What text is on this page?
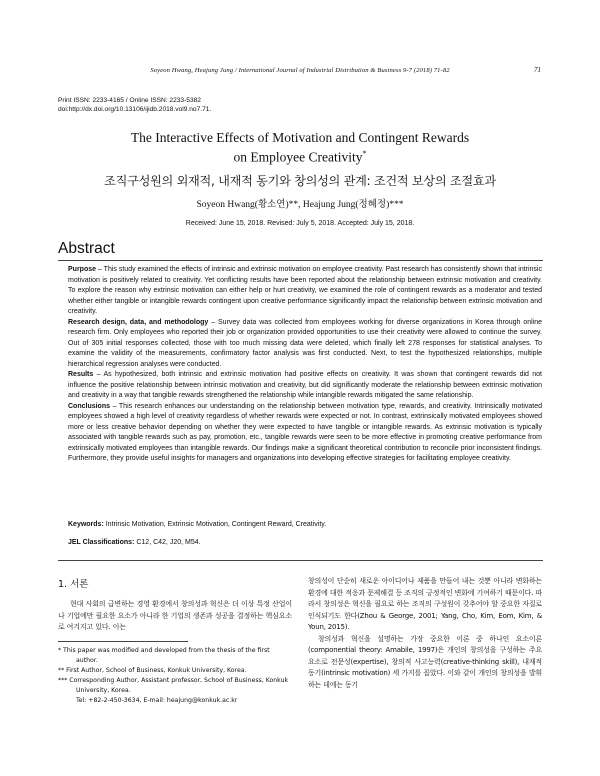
Soyeon Hwang, Heajung Jung / International Journal of Industrial Distribution & Business 9-7 (2018) 71-82	71
Print ISSN: 2233-4165 / Online ISSN: 2233-5382
doi:http://dx.doi.org/10.13106/ijidb.2018.vol9.no7.71.
The Interactive Effects of Motivation and Contingent Rewards
on Employee Creativity*
조직구성원의 외재적, 내재적 동기와 창의성의 관계: 조건적 보상의 조절효과
Soyeon Hwang(황소연)**, Heajung Jung(정혜정)***
Received: June 15, 2018. Revised: July 5, 2018. Accepted: July 15, 2018.
Abstract

Purpose – This study examined the effects of intrinsic and extrinsic motivation on employee creativity. Past research has consistently shown that intrinsic motivation is positively related to creativity. Yet conflicting results have been reported about the relationship between extrinsic motivation and creativity. To explore the reason why extrinsic motivation can either help or hurt creativity, we examined the role of contingent rewards as a moderator and tested whether either tangible or intangible rewards contingent upon creative performance significantly impact the relationship between extrinsic motivation and creativity.

Research design, data, and methodology – Survey data was collected from employees working for diverse organizations in Korea through online research firm. Only employees who reported their job or organization provided opportunities to use their creativity were allowed to continue the survey. Out of 305 initial responses collected, those with too much missing data were deleted, which finally left 278 responses for statistical analyses. To examine the validity of the measurements, confirmatory factor analysis was first conducted. Next, to test the hypothesized relationships, multiple hierarchical regression analyses were conducted.

Results – As hypothesized, both intrinsic and extrinsic motivation had positive effects on creativity. It was shown that contingent rewards did not influence the positive relationship between intrinsic motivation and creativity, but did significantly moderate the relationship between extrinsic motivation and creativity in a way that tangible rewards strengthened the relationship while intangible rewards mitigated the same relationship.

Conclusions – This research enhances our understanding on the relationship between motivation type, rewards, and creativity. Intrinsically motivated employees showed a high level of creativity regardless of whether rewards were expected or not. In contrast, extrinsically motivated employees showed more or less creative behavior depending on whether they were expected to have tangible or intangible rewards. As extrinsic motivation is typically associated with tangible rewards such as pay, promotion, etc., tangible rewards were seen to be more effective in promoting creative performance from extrinsically motivated employees than intangible rewards. Our findings make a significant theoretical contribution to reconcile prior inconsistent findings. Furthermore, they provide useful insights for managers and organizations into developing effective strategies for facilitating employee creativity.

Keywords: Intrinsic Motivation, Extrinsic Motivation, Contingent Reward, Creativity.
JEL Classifications: C12, C42, J20, M54.
1. 서론
현대 사회의 급변하는 경영 환경에서 창의성과 혁신은 더 이상 특정 산업이나 기업에만 필요한 요소가 아니라 한 기업의 생존과 성공을 결정하는 핵심요소로 여겨지고 있다. 이는

* This paper was modified and developed from the thesis of the first author.

** First Author, School of Business, Konkuk University, Korea.

*** Corresponding Author, Assistant professor, School of Business, Konkuk University, Korea.

Tel: +82-2-450-3634, E-mail: heajung@konkuk.ac.kr

창의성이 단순히 새로운 아이디어나 제품을 만들어 내는 것뿐 아니라 변화하는 환경에 대한 적응과 문제해결 등 조직의 긍정적인 변화에 기여하기 때문이다. 따라서 창의성은 혁신을 필요로 하는 조직의 구성원이 갖추어야 할 중요한 자질로 인식되기도 한다(Zhou & George, 2001; Yang, Cho, Kim, Eom, Kim, & Youn, 2015).

창의성과 혁신을 설명하는 가장 중요한 이론 중 하나인 요소이론(componential theory: Amabile, 1997)은 개인의 창의성을 구성하는 주요 요소로 전문성(expertise), 창의적 사고능력(creative-thinking skill), 내재적 동기(intrinsic motivation) 세 가지를 꼽았다. 이와 같이 개인의 창의성을 발휘하는 데에는 동기
